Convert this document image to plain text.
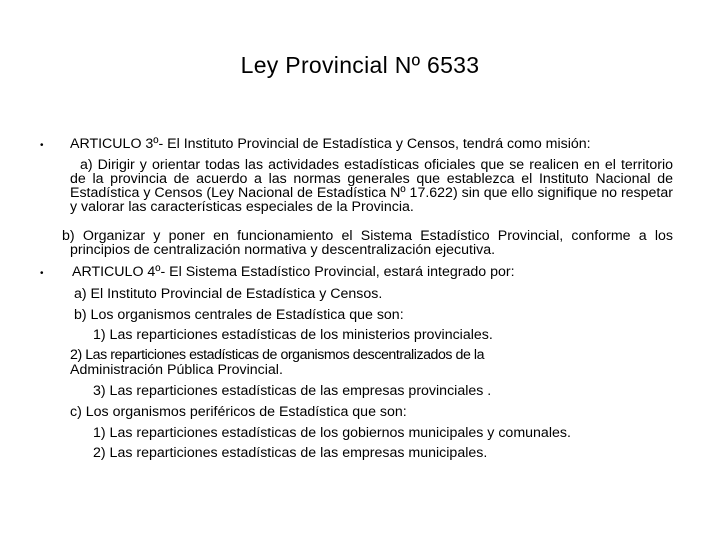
Ley Provincial Nº 6533
• ARTICULO 3º- El Instituto Provincial de Estadística y Censos, tendrá como misión:
a) Dirigir y orientar todas las actividades estadísticas oficiales que se realicen en el territorio de la provincia de acuerdo a las normas generales que establezca el Instituto Nacional de Estadística y Censos (Ley Nacional de Estadística Nº 17.622) sin que ello signifique no respetar y valorar las características especiales de la Provincia.
b) Organizar y poner en funcionamiento el Sistema Estadístico Provincial, conforme a los principios de centralización normativa y descentralización ejecutiva.
• ARTICULO 4º- El Sistema Estadístico Provincial, estará integrado por:
a) El Instituto Provincial de Estadística y Censos.
b) Los organismos centrales de Estadística que son:
1) Las reparticiones estadísticas de los ministerios provinciales.
2) Las reparticiones estadísticas de organismos descentralizados de la
Administración Pública Provincial.
3) Las reparticiones estadísticas de las empresas provinciales .
c) Los organismos periféricos de Estadística que son:
1) Las reparticiones estadísticas de los gobiernos municipales y comunales.
2) Las reparticiones estadísticas de las empresas municipales.
